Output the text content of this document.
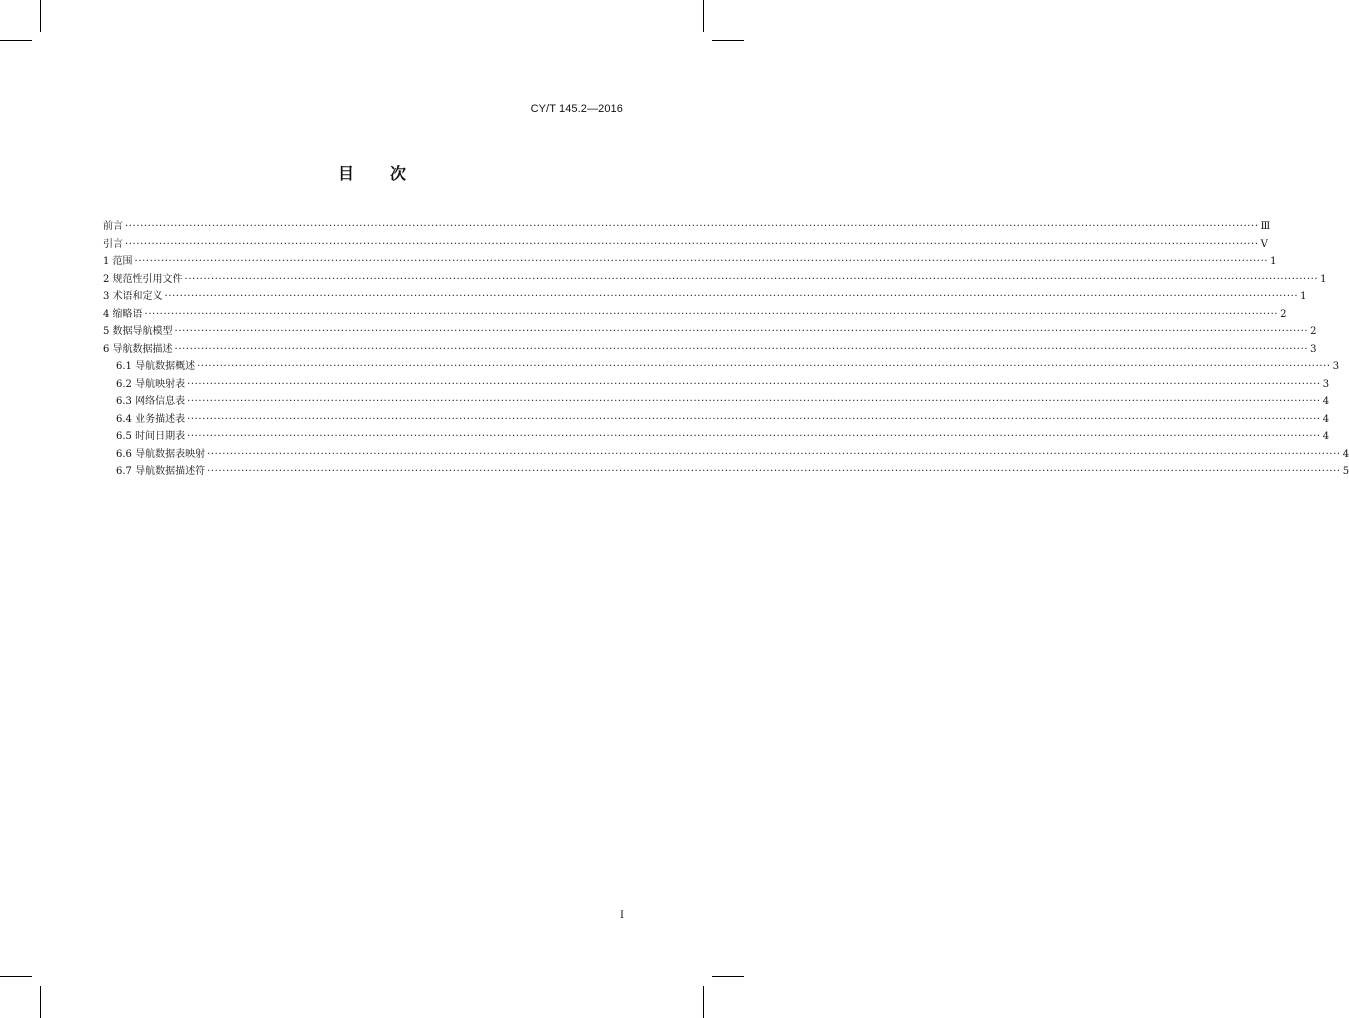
CY/T 145.2—2016
目 次
前言 ············································································································································································································································································································ Ⅲ
引言 ············································································································································································································································································································ Ⅴ
1 范围 ············································································································································································································································································································ 1
2 规范性引用文件 ············································································································································································································································································································ 1
3 术语和定义 ············································································································································································································································································································ 1
4 缩略语 ············································································································································································································································································································ 2
5 数据导航模型 ············································································································································································································································································································ 2
6 导航数据描述 ············································································································································································································································································································ 3
6.1 导航数据概述 ············································································································································································································································································································ 3
6.2 导航映射表 ············································································································································································································································································································ 3
6.3 网络信息表 ············································································································································································································································································································ 4
6.4 业务描述表 ············································································································································································································································································································ 4
6.5 时间日期表 ············································································································································································································································································································ 4
6.6 导航数据表映射 ············································································································································································································································································································ 4
6.7 导航数据描述符 ············································································································································································································································································································ 5
I
